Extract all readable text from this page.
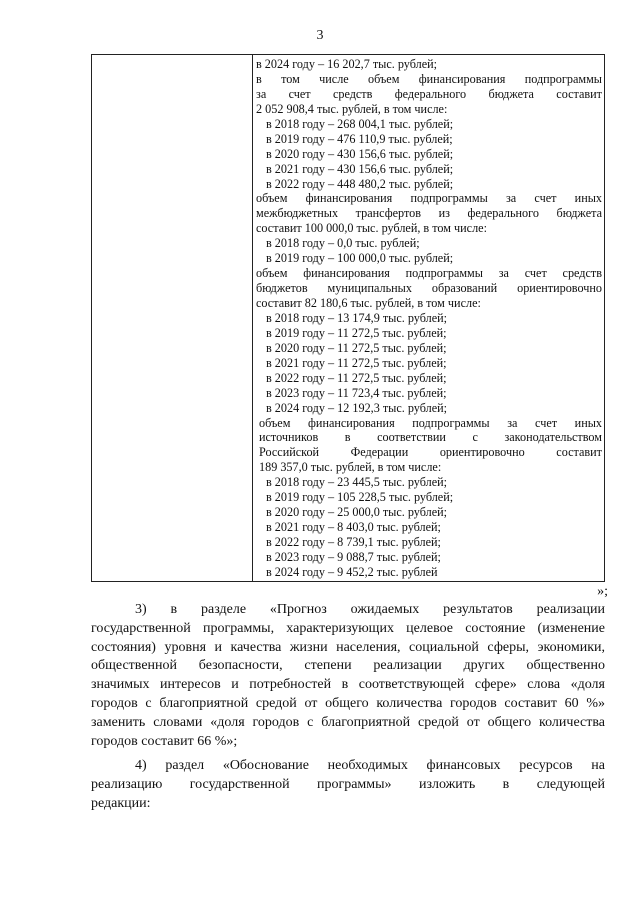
3
в 2024 году – 16 202,7 тыс. рублей;
в том числе объем финансирования подпрограммы
за счет средств федерального бюджета составит
2 052 908,4 тыс. рублей, в том числе:
в 2018 году – 268 004,1 тыс. рублей;
в 2019 году – 476 110,9 тыс. рублей;
в 2020 году – 430 156,6 тыс. рублей;
в 2021 году – 430 156,6 тыс. рублей;
в 2022 году – 448 480,2 тыс. рублей;
объем финансирования подпрограммы за счет иных
межбюджетных трансфертов из федерального бюджета
составит 100 000,0 тыс. рублей, в том числе:
в 2018 году – 0,0 тыс. рублей;
в 2019 году – 100 000,0 тыс. рублей;
объем финансирования подпрограммы за счет средств
бюджетов муниципальных образований ориентировочно
составит 82 180,6 тыс. рублей, в том числе:
в 2018 году – 13 174,9 тыс. рублей;
в 2019 году – 11 272,5 тыс. рублей;
в 2020 году – 11 272,5 тыс. рублей;
в 2021 году – 11 272,5 тыс. рублей;
в 2022 году – 11 272,5 тыс. рублей;
в 2023 году – 11 723,4 тыс. рублей;
в 2024 году – 12 192,3 тыс. рублей;
объем финансирования подпрограммы за счет иных
источников в соответствии с законодательством
Российской Федерации ориентировочно составит
189 357,0 тыс. рублей, в том числе:
в 2018 году – 23 445,5 тыс. рублей;
в 2019 году – 105 228,5 тыс. рублей;
в 2020 году – 25 000,0 тыс. рублей;
в 2021 году – 8 403,0 тыс. рублей;
в 2022 году – 8 739,1 тыс. рублей;
в 2023 году – 9 088,7 тыс. рублей;
в 2024 году – 9 452,2 тыс. рублей
»;
3) в разделе «Прогноз ожидаемых результатов реализации
государственной программы, характеризующих целевое состояние (изменение
состояния) уровня и качества жизни населения, социальной сферы, экономики,
общественной безопасности, степени реализации других общественно
значимых интересов и потребностей в соответствующей сфере» слова «доля
городов с благоприятной средой от общего количества городов составит 60 %»
заменить словами «доля городов с благоприятной средой от общего количества
городов составит 66 %»;
4) раздел «Обоснование необходимых финансовых ресурсов на
реализацию государственной программы» изложить в следующей
редакции:
